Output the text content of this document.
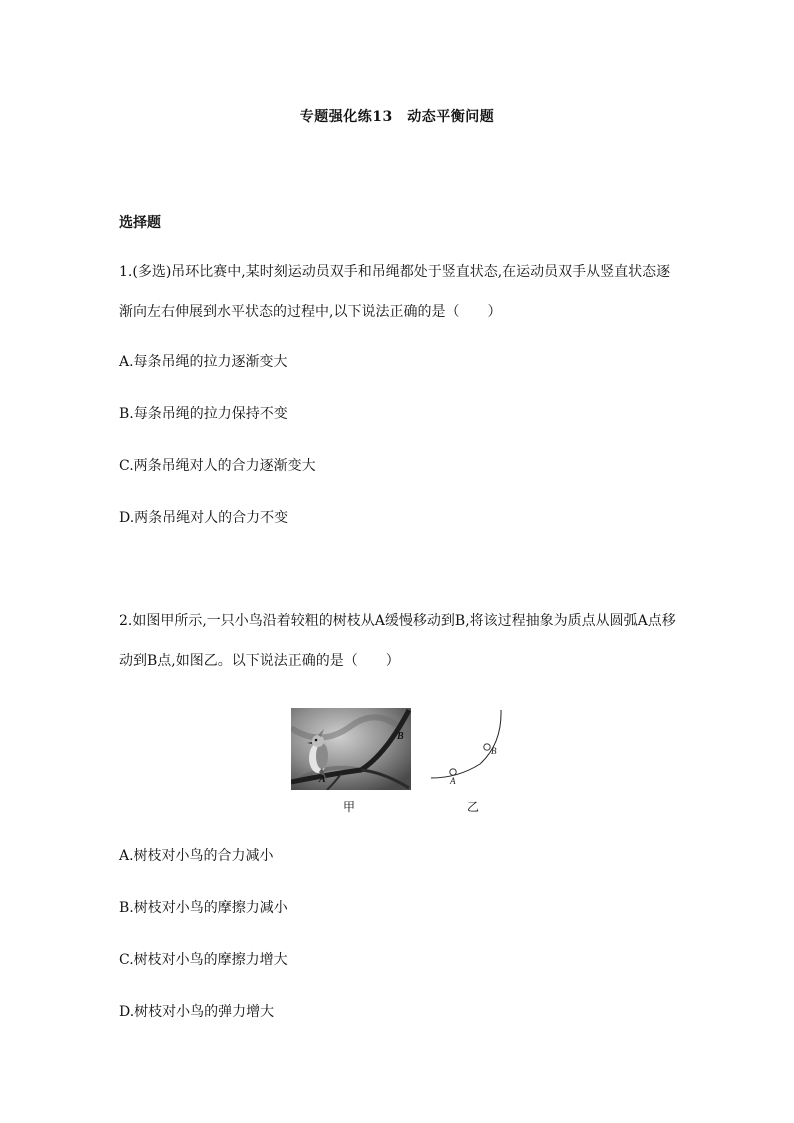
专题强化练13　动态平衡问题
选择题
1.(多选)吊环比赛中,某时刻运动员双手和吊绳都处于竖直状态,在运动员双手从竖直状态逐渐向左右伸展到水平状态的过程中,以下说法正确的是（　　）
A.每条吊绳的拉力逐渐变大
B.每条吊绳的拉力保持不变
C.两条吊绳对人的合力逐渐变大
D.两条吊绳对人的合力不变
2.如图甲所示,一只小鸟沿着较粗的树枝从A缓慢移动到B,将该过程抽象为质点从圆弧A点移动到B点,如图乙。以下说法正确的是（　　）
A
B
A
B
甲	乙
A.树枝对小鸟的合力减小
B.树枝对小鸟的摩擦力减小
C.树枝对小鸟的摩擦力增大
D.树枝对小鸟的弹力增大
